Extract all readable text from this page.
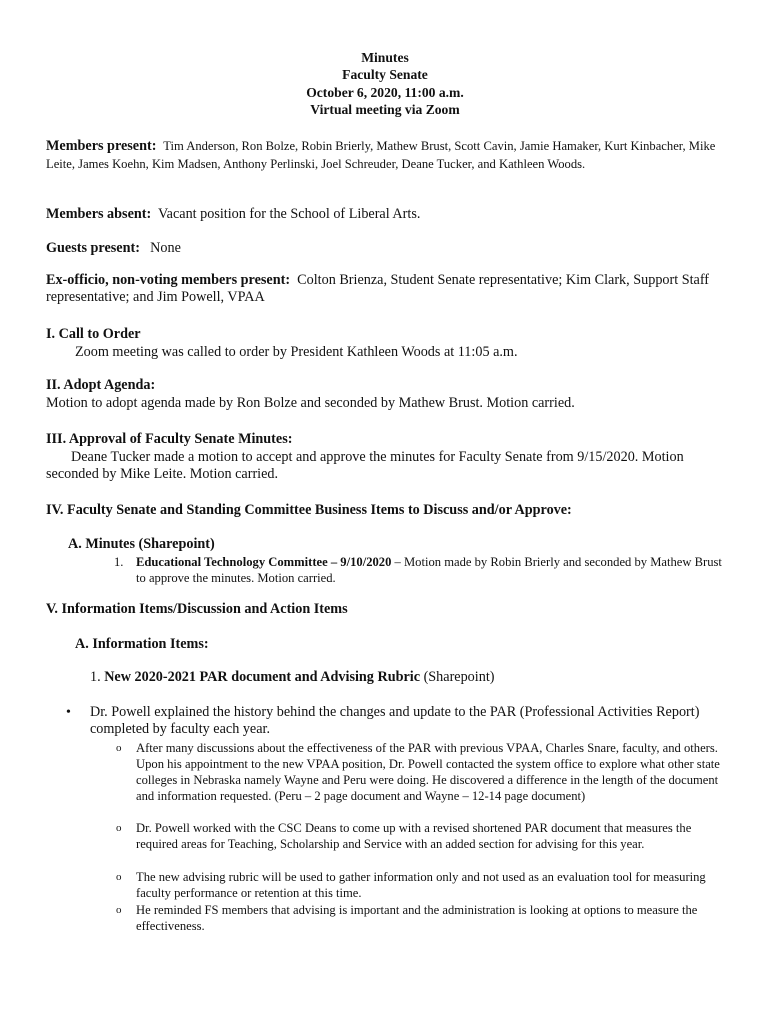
Minutes
Faculty Senate
October 6, 2020, 11:00 a.m.
Virtual meeting via Zoom
Members present: Tim Anderson, Ron Bolze, Robin Brierly, Mathew Brust, Scott Cavin, Jamie Hamaker, Kurt Kinbacher, Mike Leite, James Koehn, Kim Madsen, Anthony Perlinski, Joel Schreuder, Deane Tucker, and Kathleen Woods.
Members absent: Vacant position for the School of Liberal Arts.
Guests present: None
Ex-officio, non-voting members present: Colton Brienza, Student Senate representative; Kim Clark, Support Staff representative; and Jim Powell, VPAA
I. Call to Order
Zoom meeting was called to order by President Kathleen Woods at 11:05 a.m.
II. Adopt Agenda:
Motion to adopt agenda made by Ron Bolze and seconded by Mathew Brust. Motion carried.
III. Approval of Faculty Senate Minutes:
Deane Tucker made a motion to accept and approve the minutes for Faculty Senate from 9/15/2020. Motion seconded by Mike Leite. Motion carried.
IV. Faculty Senate and Standing Committee Business Items to Discuss and/or Approve:
A. Minutes (Sharepoint)
1. Educational Technology Committee – 9/10/2020 – Motion made by Robin Brierly and seconded by Mathew Brust to approve the minutes. Motion carried.
V. Information Items/Discussion and Action Items
A. Information Items:
1. New 2020-2021 PAR document and Advising Rubric (Sharepoint)
• Dr. Powell explained the history behind the changes and update to the PAR (Professional Activities Report) completed by faculty each year.
o After many discussions about the effectiveness of the PAR with previous VPAA, Charles Snare, faculty, and others. Upon his appointment to the new VPAA position, Dr. Powell contacted the system office to explore what other state colleges in Nebraska namely Wayne and Peru were doing. He discovered a difference in the length of the document and information requested. (Peru – 2 page document and Wayne – 12-14 page document)
o Dr. Powell worked with the CSC Deans to come up with a revised shortened PAR document that measures the required areas for Teaching, Scholarship and Service with an added section for advising for this year.
o The new advising rubric will be used to gather information only and not used as an evaluation tool for measuring faculty performance or retention at this time.
o He reminded FS members that advising is important and the administration is looking at options to measure the effectiveness.
